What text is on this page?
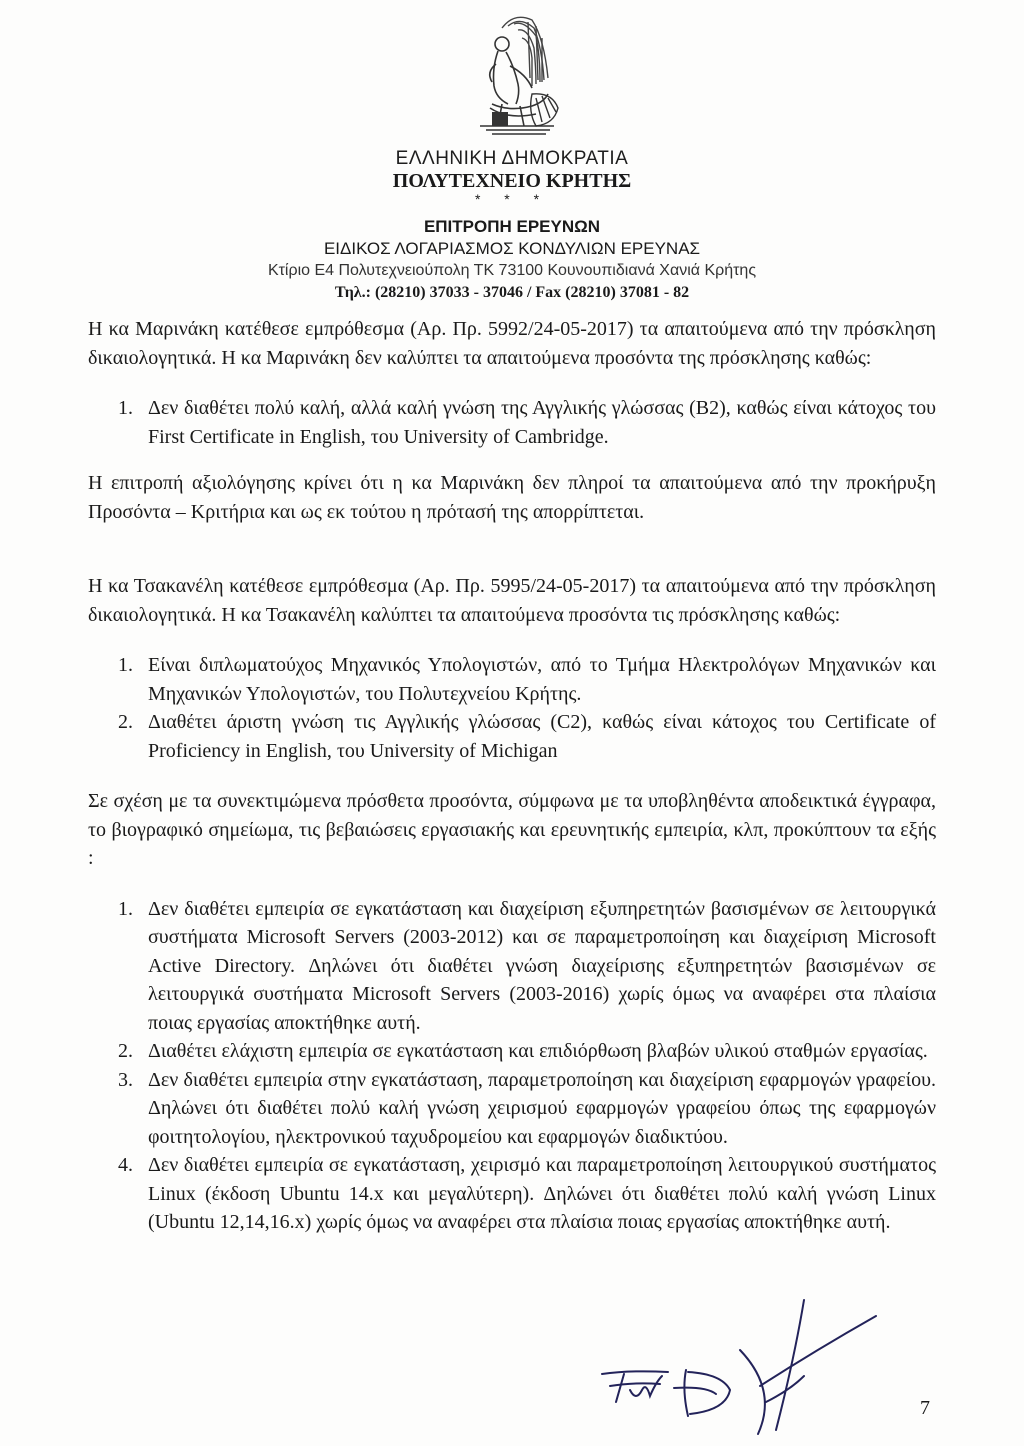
ΕΛΛΗΝΙΚΗ ΔΗΜΟΚΡΑΤΙΑ
ΠΟΛΥΤΕΧΝΕΙΟ ΚΡΗΤΗΣ
* * *
ΕΠΙΤΡΟΠΗ ΕΡΕΥΝΩΝ
ΕΙΔΙΚΟΣ ΛΟΓΑΡΙΑΣΜΟΣ ΚΟΝΔΥΛΙΩΝ ΕΡΕΥΝΑΣ
Κτίριο Ε4 Πολυτεχνειούπολη ΤΚ 73100 Κουνουπιδιανά Χανιά Κρήτης
Τηλ.: (28210) 37033 - 37046 / Fax (28210) 37081 - 82

Η κα Μαρινάκη κατέθεσε εμπρόθεσμα (Αρ. Πρ. 5992/24-05-2017) τα απαιτούμενα από την πρόσκληση δικαιολογητικά. Η κα Μαρινάκη δεν καλύπτει τα απαιτούμενα προσόντα της πρόσκλησης καθώς:

1. Δεν διαθέτει πολύ καλή, αλλά καλή γνώση της Αγγλικής γλώσσας (Β2), καθώς είναι κάτοχος του First Certificate in English, του University of Cambridge.

Η επιτροπή αξιολόγησης κρίνει ότι η κα Μαρινάκη δεν πληροί τα απαιτούμενα από την προκήρυξη Προσόντα – Κριτήρια και ως εκ τούτου η πρότασή της απορρίπτεται.

Η κα Τσακανέλη κατέθεσε εμπρόθεσμα (Αρ. Πρ. 5995/24-05-2017) τα απαιτούμενα από την πρόσκληση δικαιολογητικά. Η κα Τσακανέλη καλύπτει τα απαιτούμενα προσόντα τις πρόσκλησης καθώς:

1. Είναι διπλωματούχος Μηχανικός Υπολογιστών, από το Τμήμα Ηλεκτρολόγων Μηχανικών και Μηχανικών Υπολογιστών, του Πολυτεχνείου Κρήτης.
2. Διαθέτει άριστη γνώση τις Αγγλικής γλώσσας (C2), καθώς είναι κάτοχος του Certificate of Proficiency in English, του University of Michigan

Σε σχέση με τα συνεκτιμώμενα πρόσθετα προσόντα, σύμφωνα με τα υποβληθέντα αποδεικτικά έγγραφα, το βιογραφικό σημείωμα, τις βεβαιώσεις εργασιακής και ερευνητικής εμπειρία, κλπ, προκύπτουν τα εξής :

1. Δεν διαθέτει εμπειρία σε εγκατάσταση και διαχείριση εξυπηρετητών βασισμένων σε λειτουργικά συστήματα Microsoft Servers (2003-2012) και σε παραμετροποίηση και διαχείριση Microsoft Active Directory. Δηλώνει ότι διαθέτει γνώση διαχείρισης εξυπηρετητών βασισμένων σε λειτουργικά συστήματα Microsoft Servers (2003-2016) χωρίς όμως να αναφέρει στα πλαίσια ποιας εργασίας αποκτήθηκε αυτή.
2. Διαθέτει ελάχιστη εμπειρία σε εγκατάσταση και επιδιόρθωση βλαβών υλικού σταθμών εργασίας.
3. Δεν διαθέτει εμπειρία στην εγκατάσταση, παραμετροποίηση και διαχείριση εφαρμογών γραφείου. Δηλώνει ότι διαθέτει πολύ καλή γνώση χειρισμού εφαρμογών γραφείου όπως της εφαρμογών φοιτητολογίου, ηλεκτρονικού ταχυδρομείου και εφαρμογών διαδικτύου.
4. Δεν διαθέτει εμπειρία σε εγκατάσταση, χειρισμό και παραμετροποίηση λειτουργικού συστήματος Linux (έκδοση Ubuntu 14.x και μεγαλύτερη). Δηλώνει ότι διαθέτει πολύ καλή γνώση Linux (Ubuntu 12,14,16.x) χωρίς όμως να αναφέρει στα πλαίσια ποιας εργασίας αποκτήθηκε αυτή.
7
